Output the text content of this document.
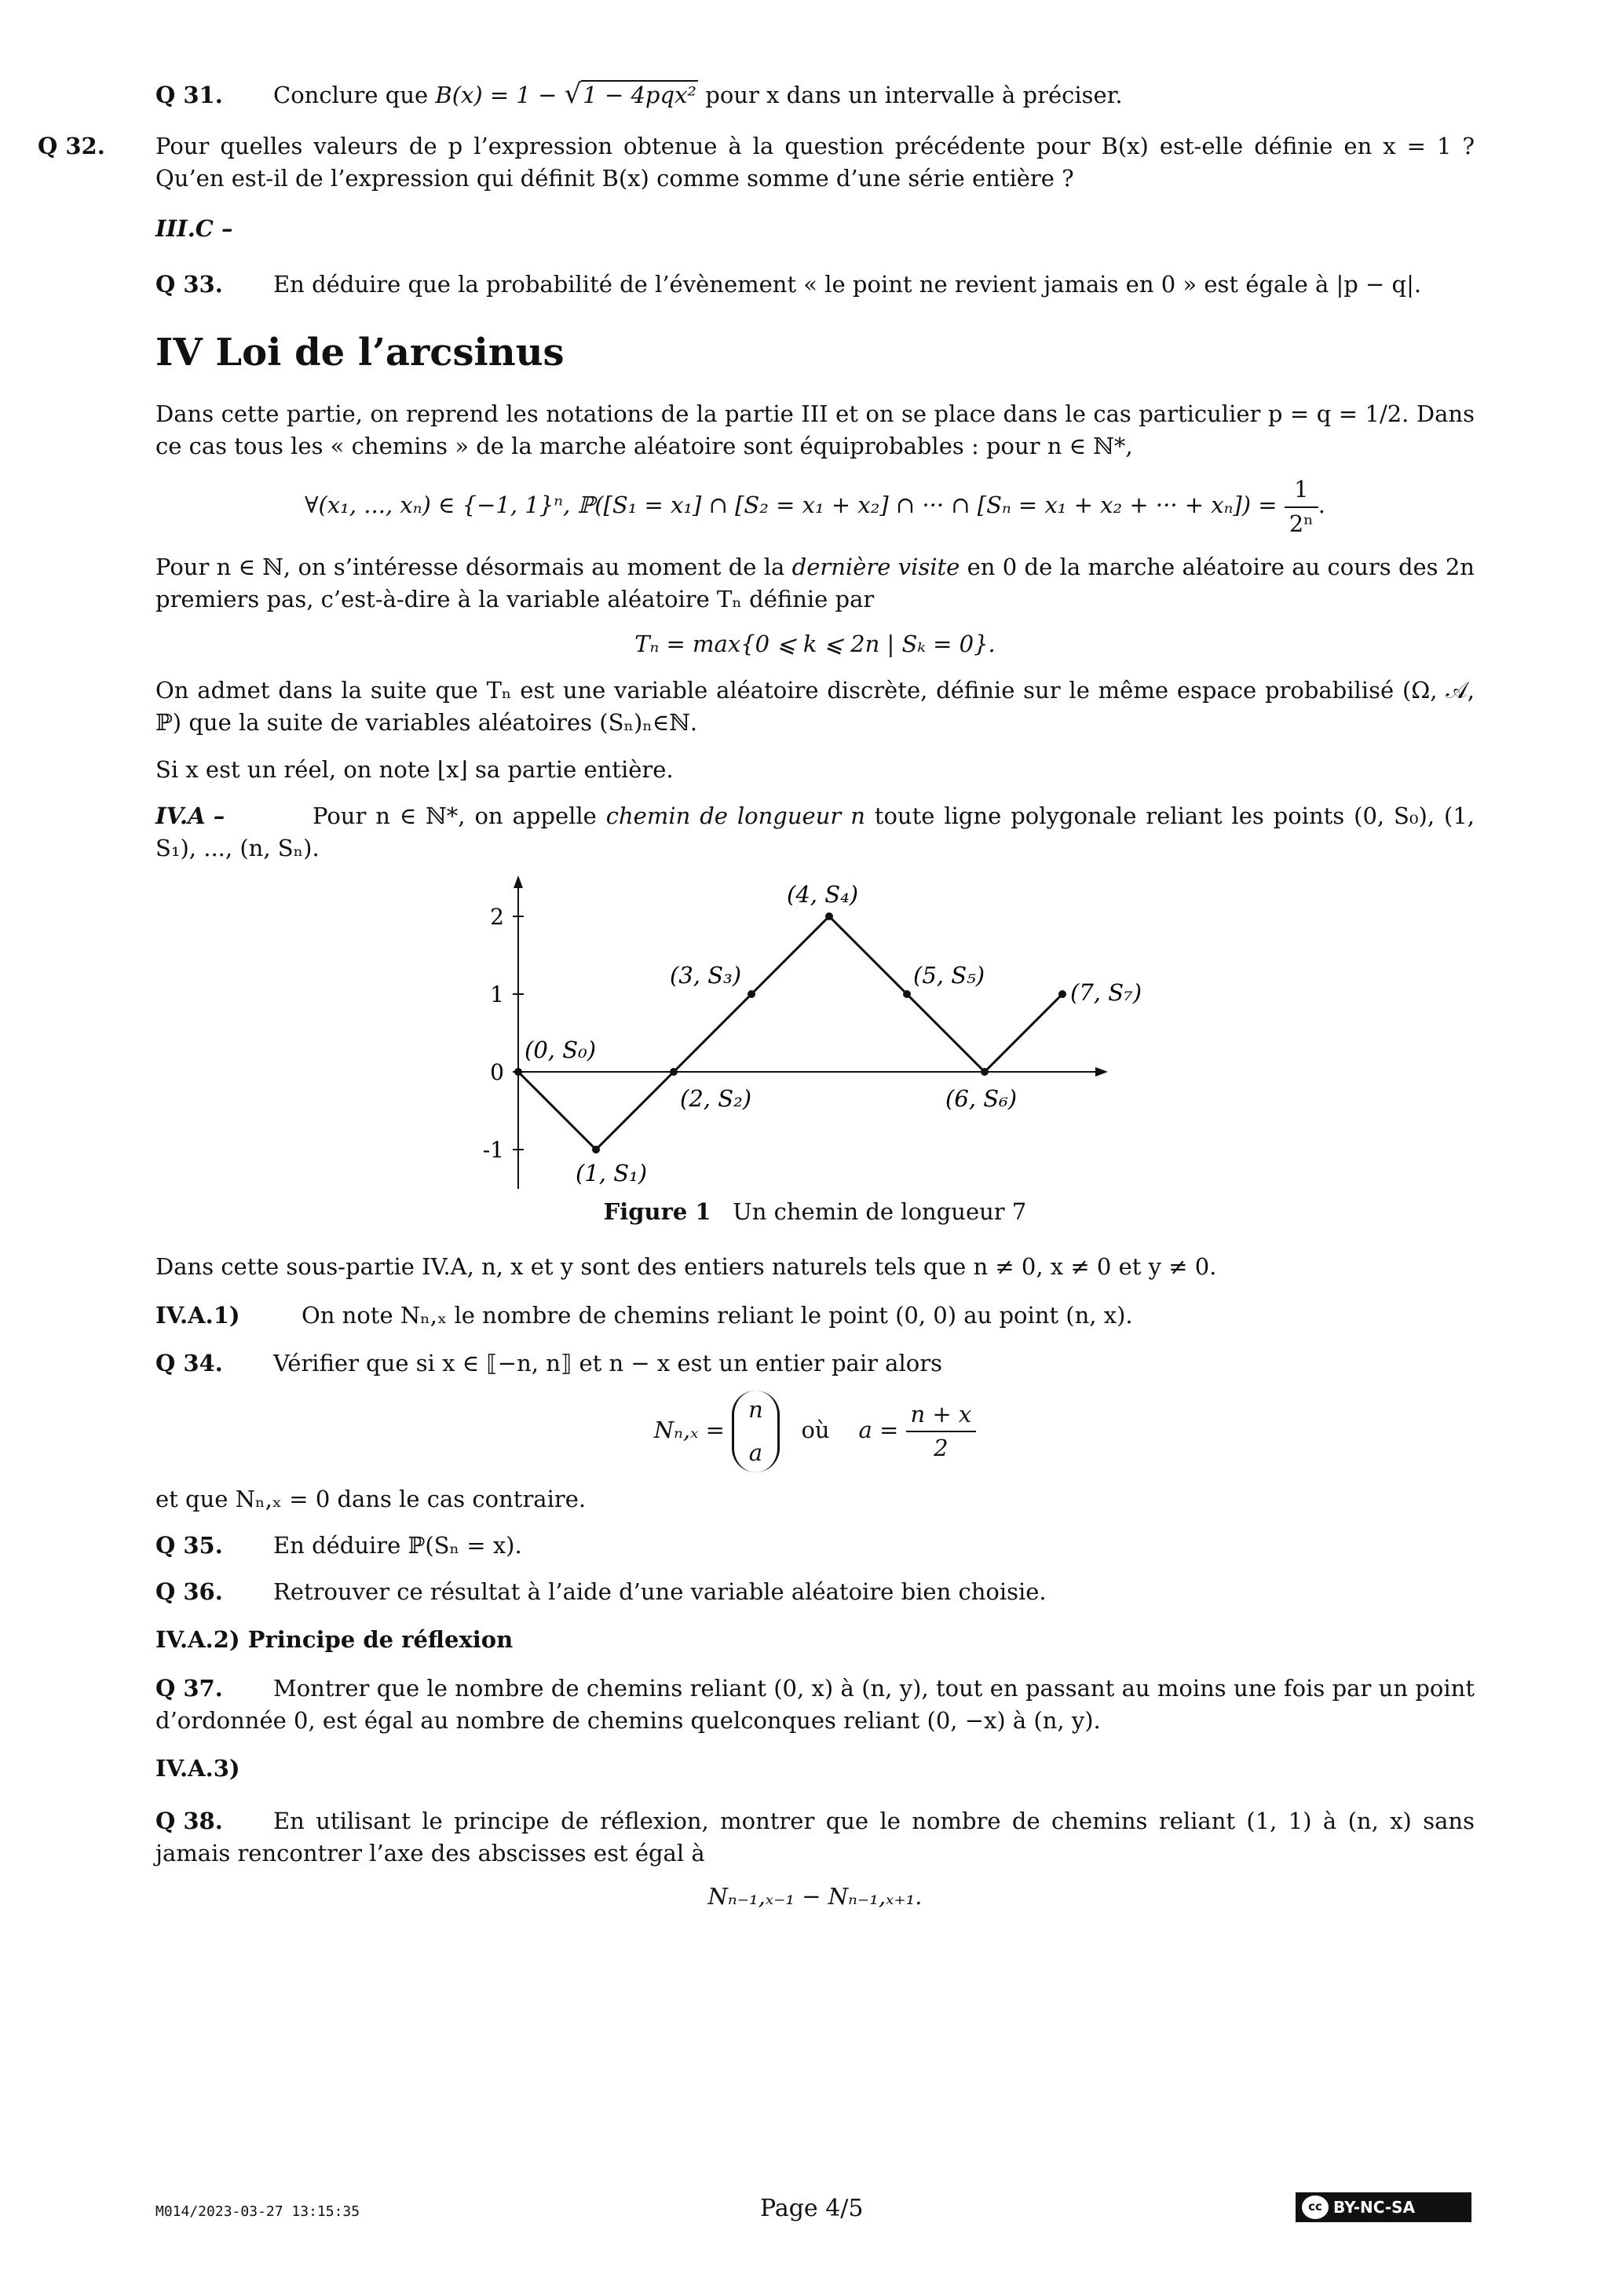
Q 31. Conclure que B(x) = 1 − √1 − 4pqx² pour x dans un intervalle à préciser.

Q 32. Pour quelles valeurs de p l’expression obtenue à la question précédente pour B(x) est-elle définie en x = 1 ? Qu’en est-il de l’expression qui définit B(x) comme somme d’une série entière ?

III.C –

Q 33. En déduire que la probabilité de l’évènement « le point ne revient jamais en 0 » est égale à |p − q|.

IV Loi de l’arcsinus

Dans cette partie, on reprend les notations de la partie III et on se place dans le cas particulier p = q = 1/2. Dans ce cas tous les « chemins » de la marche aléatoire sont équiprobables : pour n ∈ ℕ*,

∀(x₁, ..., xₙ) ∈ {−1, 1}ⁿ, ℙ([S₁ = x₁] ∩ [S₂ = x₁ + x₂] ∩ ··· ∩ [Sₙ = x₁ + x₂ + ··· + $x_n]) = \frac{1}{\text{2ⁿ}}$ .

Pour n ∈ ℕ, on s’intéresse désormais au moment de la dernière visite en 0 de la marche aléatoire au cours des 2n premiers pas, c’est-à-dire à la variable aléatoire Tₙ définie par

Tₙ = max{0 ⩽ k ⩽ 2n | Sₖ = 0}.

On admet dans la suite que Tₙ est une variable aléatoire discrète, définie sur le même espace probabilisé (Ω, 𝒜, ℙ) que la suite de variables aléatoires (Sₙ)ₙ∈ℕ.

Si x est un réel, on note ⌊x⌋ sa partie entière.

IV.A –	Pour n ∈ ℕ*, on appelle chemin de longueur n toute ligne polygonale reliant les points (0, S₀), (1, S₁), ..., (n, Sₙ).

2
1
0
-1
(0, S₀)
(1, S₁)
(2, S₂)
(3, S₃)
(4, S₄)
(5, S₅)
(6, S₆)
(7, S₇)

Figure 1 Un chemin de longueur 7

Dans cette sous-partie IV.A, n, x et y sont des entiers naturels tels que n ≠ 0, x ≠ 0 et y ≠ 0.

IV.A.1)	On note Nₙ,ₓ le nombre de chemins reliant le point (0, 0) au point (n, x).

Q 34. Vérifier que si x ∈ ⟦−n, n⟧ et n − x est un entier pair alors

Nₙ,ₓ =
n
a
où $a = \frac{n + x}{2}$

et que Nₙ,ₓ = 0 dans le cas contraire.

Q 35. En déduire ℙ(Sₙ = x).

Q 36. Retrouver ce résultat à l’aide d’une variable aléatoire bien choisie.

IV.A.2) Principe de réflexion

Q 37. Montrer que le nombre de chemins reliant (0, x) à (n, y), tout en passant au moins une fois par un point d’ordonnée 0, est égal au nombre de chemins quelconques reliant (0, −x) à (n, y).

IV.A.3)

Q 38. En utilisant le principe de réflexion, montrer que le nombre de chemins reliant (1, 1) à (n, x) sans jamais rencontrer l’axe des abscisses est égal à

Nₙ₋₁,ₓ₋₁ − Nₙ₋₁,ₓ₊₁.

M014/2023-03-27 13:15:35	Page 4/5	cc BY-NC-SA
